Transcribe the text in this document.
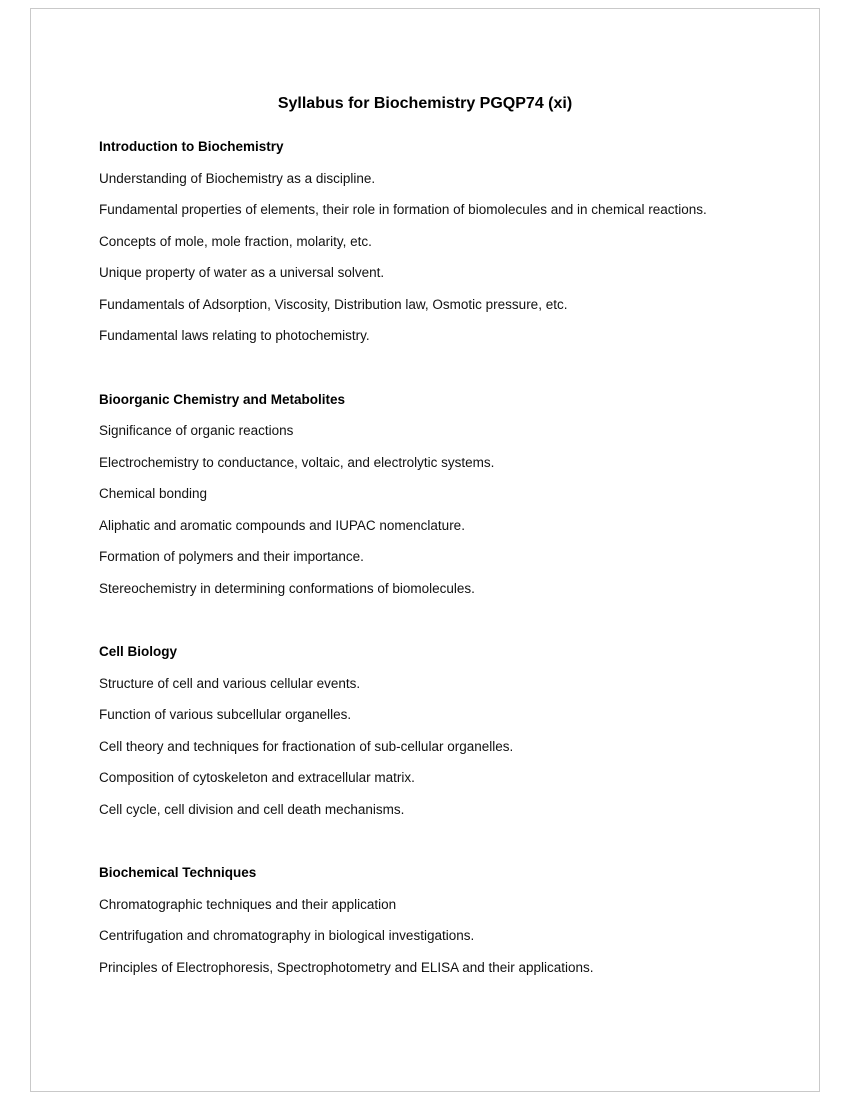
Syllabus for Biochemistry PGQP74 (xi)

Introduction to Biochemistry

Understanding of Biochemistry as a discipline.

Fundamental properties of elements, their role in formation of biomolecules and in chemical reactions.

Concepts of mole, mole fraction, molarity, etc.

Unique property of water as a universal solvent.

Fundamentals of Adsorption, Viscosity, Distribution law, Osmotic pressure, etc.

Fundamental laws relating to photochemistry.

Bioorganic Chemistry and Metabolites

Significance of organic reactions

Electrochemistry to conductance, voltaic, and electrolytic systems.

Chemical bonding

Aliphatic and aromatic compounds and IUPAC nomenclature.

Formation of polymers and their importance.

Stereochemistry in determining conformations of biomolecules.

Cell Biology

Structure of cell and various cellular events.

Function of various subcellular organelles.

Cell theory and techniques for fractionation of sub-cellular organelles.

Composition of cytoskeleton and extracellular matrix.

Cell cycle, cell division and cell death mechanisms.

Biochemical Techniques

Chromatographic techniques and their application

Centrifugation and chromatography in biological investigations.

Principles of Electrophoresis, Spectrophotometry and ELISA and their applications.
